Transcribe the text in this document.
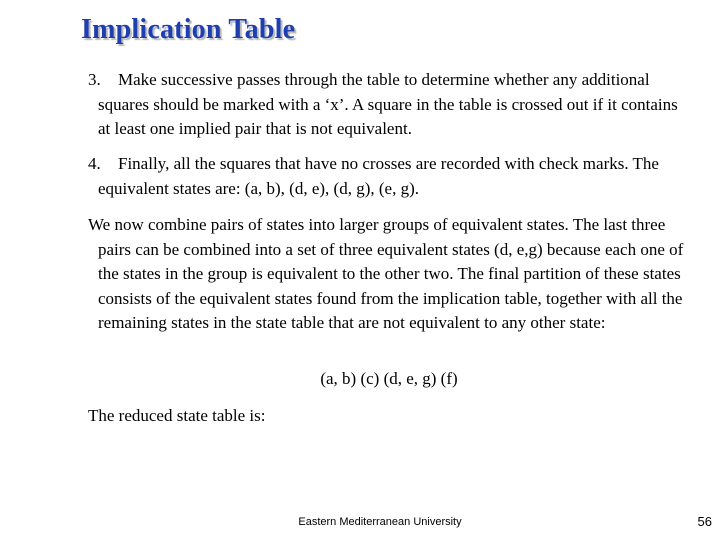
Implication Table
3. Make successive passes through the table to determine whether any additional squares should be marked with a ‘x’. A square in the table is crossed out if it contains at least one implied pair that is not equivalent.
4. Finally, all the squares that have no crosses are recorded with check marks. The equivalent states are: (a, b), (d, e), (d, g), (e, g).
We now combine pairs of states into larger groups of equivalent states. The last three pairs can be combined into a set of three equivalent states (d, e,g) because each one of the states in the group is equivalent to the other two. The final partition of these states consists of the equivalent states found from the implication table, together with all the remaining states in the state table that are not equivalent to any other state:
(a, b) (c) (d, e, g) (f)
The reduced state table is:
Eastern Mediterranean University	56
